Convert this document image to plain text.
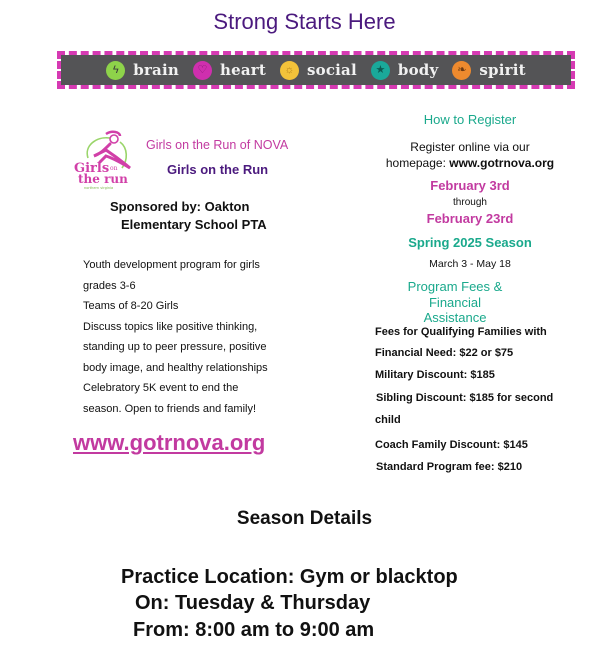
Strong Starts Here
ϟ brain	♡ heart	☼ social	★ body	❧ spirit
Girls on
the run
northern virginia
Girls on the Run of NOVA
Girls on the Run
Sponsored by: Oakton
Elementary School PTA
Youth development program for girls
grades 3-6
Teams of 8-20 Girls
Discuss topics like positive thinking,
standing up to peer pressure, positive
body image, and healthy relationships
Celebratory 5K event to end the
season. Open to friends and family!
www.gotrnova.org
How to Register
Register online via our
homepage: www.gotrnova.org
February 3rd
through
February 23rd
Spring 2025 Season
March 3 - May 18
Program Fees &
Financial
Assistance
Fees for Qualifying Families with
Financial Need: $22 or $75
Military Discount: $185
Sibling Discount: $185 for second
child
Coach Family Discount: $145
Standard Program fee: $210
Season Details
Practice Location: Gym or blacktop
On: Tuesday & Thursday
From: 8:00 am to 9:00 am
